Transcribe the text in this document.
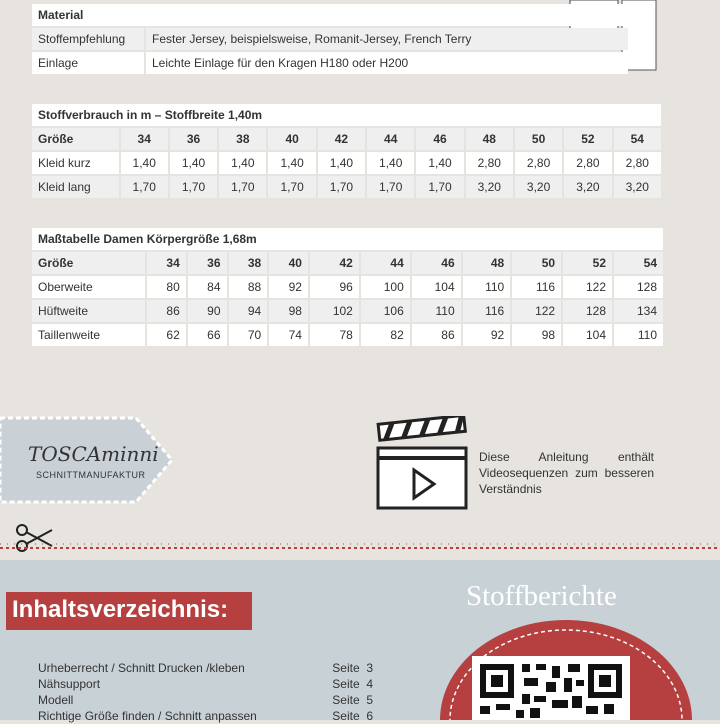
Material	
Stoffempfehlung	Fester Jersey, beispielsweise, Romanit-Jersey, French Terry
Einlage	Leichte Einlage für den Kragen H180 oder H200
Stoffverbrauch in m – Stoffbreite 1,40m											
Größe	34	36	38	40	42	44	46	48	50	52	54
Kleid kurz	1,40	1,40	1,40	1,40	1,40	1,40	1,40	2,80	2,80	2,80	2,80
Kleid lang	1,70	1,70	1,70	1,70	1,70	1,70	1,70	3,20	3,20	3,20	3,20
Maßtabelle Damen Körpergröße 1,68m											
Größe	34	36	38	40	42	44	46	48	50	52	54
Oberweite	80	84	88	92	96	100	104	110	116	122	128
Hüftweite	86	90	94	98	102	106	110	116	122	128	134
Taillenweite	62	66	70	74	78	82	86	92	98	104	110
TOSCAminni
SCHNITTMANUFAKTUR
Diese Anleitung enthält Videosequenzen zum besseren Verständnis
Inhaltsverzeichnis:
Urheberrecht / Schnitt Drucken /kleben	Seite  3
Nähsupport	Seite  4
Modell	Seite  5
Richtige Größe finden / Schnitt anpassen	Seite  6
Stoffberichte
